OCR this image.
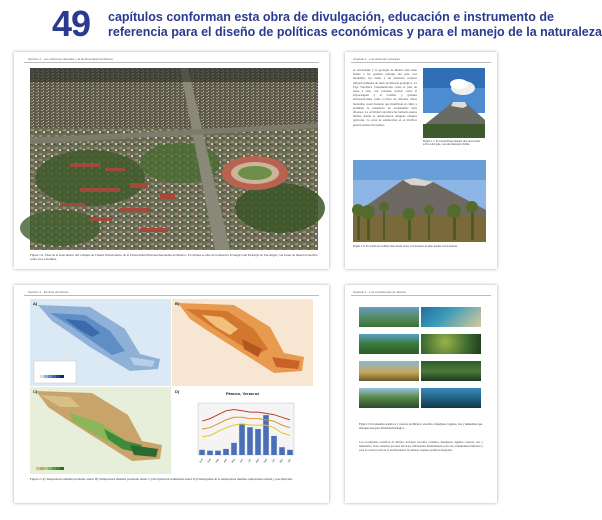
49 capítulos conforman esta obra de divulgación, educación e instrumento de
referencia para el diseño de políticas económicas y para el manejo de la naturaleza
Sección 1 · Los sistemas naturales y la biodiversidad de México
Figura 1.6. Vista de la zona núcleo del Campus de Ciudad Universitaria, de la Universidad Nacional Autónoma de México. El campus es sitio de la Reserva Ecológica del Pedregal de San Ángel, con zonas de matorral xerófilo sobre roca volcánica.
Capítulo 1 · Los sistemas naturales
el vulcanismo y la geología de México han dado forma a los grandes paisajes del país. Las montañas, los valles y las planicies costeras reflejan millones de años de historia geológica. La Faja Volcánica Transmexicana cruza el país de oeste a este, con volcanes activos como el Popocatépetl y el Colima, y grandes estratovolcanes como el Pico de Orizaba. Estas montañas crean barreras que modifican el clima y permiten la existencia de ecosistemas muy diversos. La actividad volcánica ha formado suelos fértiles donde se desarrollaron antiguas culturas agrícolas. La zona de subducción en el Pacífico genera sismos frecuentes.
Figura 1.7. El volcán Popocatépetl, uno de los más activos del país, con una fumarola visible.
Figura 1.8. El volcán de Colima visto desde el sur, con bosques de pino-encino en las laderas.
Sección 1 · El clima de México
A)	B)
C)	D)	Pánuco, Veracruz
Ene	Feb	Mar	Abr	May	Jun	Jul	Ago	Sep	Oct	Nov	Dic
Figura 2. A) Temperatura mínima promedio anual. B) Temperatura máxima promedio anual. C) Precipitación acumulada anual. D) Climograma de la temperatura mínima, temperatura media y precipitación.
Capítulo 1 · Los ecosistemas de México

Figura 3. Ecosistemas acuáticos y costeros de México: arrecifes, manglares, lagunas, ríos y humedales que albergan una gran diversidad biológica.
Los ecosistemas acuáticos de México incluyen arrecifes coralinos, manglares, lagunas costeras, ríos y humedales. Estos sistemas proveen servicios ambientales fundamentales para las comunidades humanas y para la conservación de la biodiversidad. Su manejo requiere políticas integrales.
